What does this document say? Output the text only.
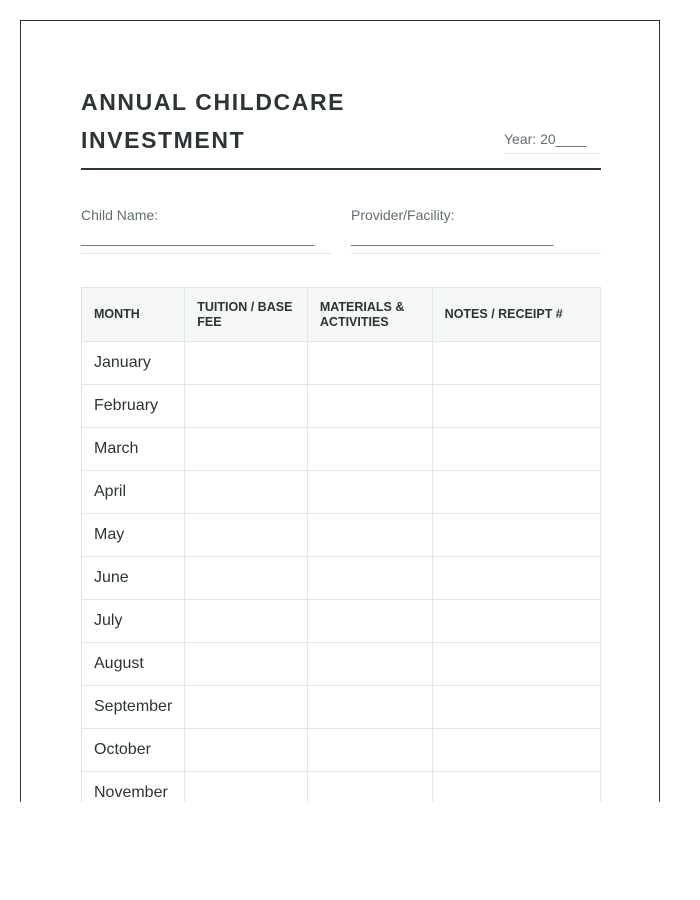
ANNUAL CHILDCARE INVESTMENT	Year: 20____
Child Name:
______________________________
Provider/Facility:
__________________________
MONTH	TUITION / BASE FEE	MATERIALS & ACTIVITIES	NOTES / RECEIPT #
January			
February			
March			
April			
May			
June			
July			
August			
September			
October			
November			
